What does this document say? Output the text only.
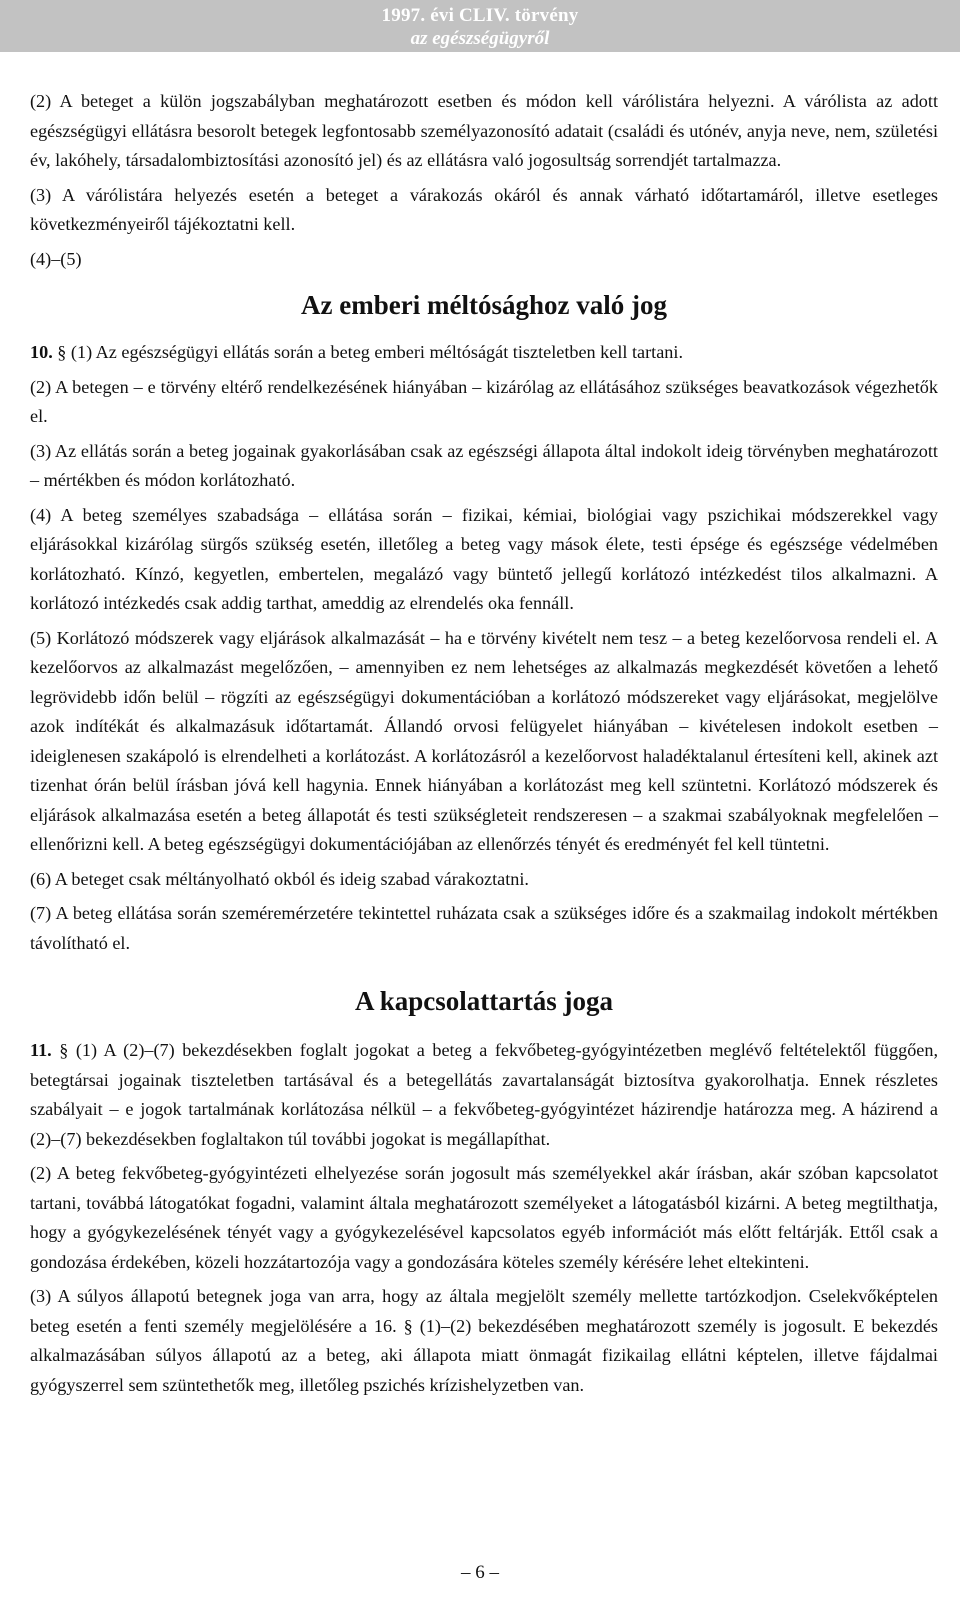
1997. évi CLIV. törvény
az egészségügyről

(2) A beteget a külön jogszabályban meghatározott esetben és módon kell várólistára helyezni. A várólista az adott egészségügyi ellátásra besorolt betegek legfontosabb személyazonosító adatait (családi és utónév, anyja neve, nem, születési év, lakóhely, társadalombiztosítási azonosító jel) és az ellátásra való jogosultság sorrendjét tartalmazza.

(3) A várólistára helyezés esetén a beteget a várakozás okáról és annak várható időtartamáról, illetve esetleges következményeiről tájékoztatni kell.

(4)–(5)

Az emberi méltósághoz való jog

10. § (1) Az egészségügyi ellátás során a beteg emberi méltóságát tiszteletben kell tartani.

(2) A betegen – e törvény eltérő rendelkezésének hiányában – kizárólag az ellátásához szükséges beavatkozások végezhetők el.

(3) Az ellátás során a beteg jogainak gyakorlásában csak az egészségi állapota által indokolt ideig törvényben meghatározott – mértékben és módon korlátozható.

(4) A beteg személyes szabadsága – ellátása során – fizikai, kémiai, biológiai vagy pszichikai módszerekkel vagy eljárásokkal kizárólag sürgős szükség esetén, illetőleg a beteg vagy mások élete, testi épsége és egészsége védelmében korlátozható. Kínzó, kegyetlen, embertelen, megalázó vagy büntető jellegű korlátozó intézkedést tilos alkalmazni. A korlátozó intézkedés csak addig tarthat, ameddig az elrendelés oka fennáll.

(5) Korlátozó módszerek vagy eljárások alkalmazását – ha e törvény kivételt nem tesz – a beteg kezelőorvosa rendeli el. A kezelőorvos az alkalmazást megelőzően, – amennyiben ez nem lehetséges az alkalmazás megkezdését követően a lehető legrövidebb időn belül – rögzíti az egészségügyi dokumentációban a korlátozó módszereket vagy eljárásokat, megjelölve azok indítékát és alkalmazásuk időtartamát. Állandó orvosi felügyelet hiányában – kivételesen indokolt esetben – ideiglenesen szakápoló is elrendelheti a korlátozást. A korlátozásról a kezelőorvost haladéktalanul értesíteni kell, akinek azt tizenhat órán belül írásban jóvá kell hagynia. Ennek hiányában a korlátozást meg kell szüntetni. Korlátozó módszerek és eljárások alkalmazása esetén a beteg állapotát és testi szükségleteit rendszeresen – a szakmai szabályoknak megfelelően – ellenőrizni kell. A beteg egészségügyi dokumentációjában az ellenőrzés tényét és eredményét fel kell tüntetni.

(6) A beteget csak méltányolható okból és ideig szabad várakoztatni.

(7) A beteg ellátása során szeméremérzetére tekintettel ruházata csak a szükséges időre és a szakmailag indokolt mértékben távolítható el.

A kapcsolattartás joga

11. § (1) A (2)–(7) bekezdésekben foglalt jogokat a beteg a fekvőbeteg-gyógyintézetben meglévő feltételektől függően, betegtársai jogainak tiszteletben tartásával és a betegellátás zavartalanságát biztosítva gyakorolhatja. Ennek részletes szabályait – e jogok tartalmának korlátozása nélkül – a fekvőbeteg-gyógyintézet házirendje határozza meg. A házirend a (2)–(7) bekezdésekben foglaltakon túl további jogokat is megállapíthat.

(2) A beteg fekvőbeteg-gyógyintézeti elhelyezése során jogosult más személyekkel akár írásban, akár szóban kapcsolatot tartani, továbbá látogatókat fogadni, valamint általa meghatározott személyeket a látogatásból kizárni. A beteg megtilthatja, hogy a gyógykezelésének tényét vagy a gyógykezelésével kapcsolatos egyéb információt más előtt feltárják. Ettől csak a gondozása érdekében, közeli hozzátartozója vagy a gondozására köteles személy kérésére lehet eltekinteni.

(3) A súlyos állapotú betegnek joga van arra, hogy az általa megjelölt személy mellette tartózkodjon. Cselekvőképtelen beteg esetén a fenti személy megjelölésére a 16. § (1)–(2) bekezdésében meghatározott személy is jogosult. E bekezdés alkalmazásában súlyos állapotú az a beteg, aki állapota miatt önmagát fizikailag ellátni képtelen, illetve fájdalmai gyógyszerrel sem szüntethetők meg, illetőleg pszichés krízishelyzetben van.

– 6 –
